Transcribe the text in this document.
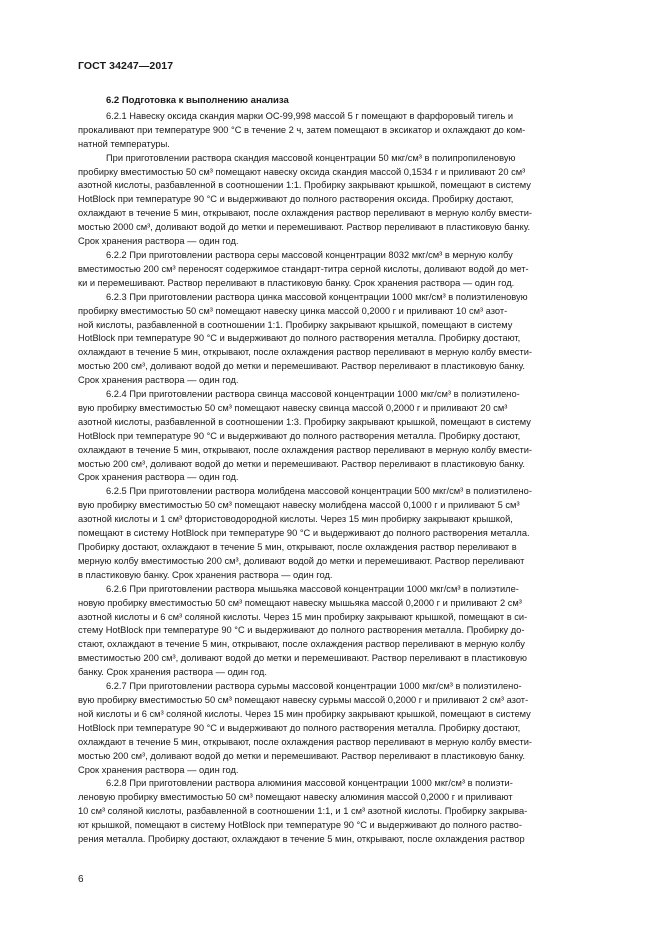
ГОСТ 34247—2017
6.2 Подготовка к выполнению анализа

6.2.1 Навеску оксида скандия марки ОС-99,998 массой 5 г помещают в фарфоровый тигель и
прокаливают при температуре 900 °С в течение 2 ч, затем помещают в эксикатор и охлаждают до ком-
натной температуры.

При приготовлении раствора скандия массовой концентрации 50 мкг/см³ в полипропиленовую
пробирку вместимостью 50 см³ помещают навеску оксида скандия массой 0,1534 г и приливают 20 см³
азотной кислоты, разбавленной в соотношении 1:1. Пробирку закрывают крышкой, помещают в систему
HotBlock при температуре 90 °С и выдерживают до полного растворения оксида. Пробирку достают,
охлаждают в течение 5 мин, открывают, после охлаждения раствор переливают в мерную колбу вмести-
мостью 2000 см³, доливают водой до метки и перемешивают. Раствор переливают в пластиковую банку.
Срок хранения раствора — один год.

6.2.2 При приготовлении раствора серы массовой концентрации 8032 мкг/см³ в мерную колбу
вместимостью 200 см³ переносят содержимое стандарт-титра серной кислоты, доливают водой до мет-
ки и перемешивают. Раствор переливают в пластиковую банку. Срок хранения раствора — один год.

6.2.3 При приготовлении раствора цинка массовой концентрации 1000 мкг/см³ в полиэтиленовую
пробирку вместимостью 50 см³ помещают навеску цинка массой 0,2000 г и приливают 10 см³ азот-
ной кислоты, разбавленной в соотношении 1:1. Пробирку закрывают крышкой, помещают в систему
HotBlock при температуре 90 °С и выдерживают до полного растворения металла. Пробирку достают,
охлаждают в течение 5 мин, открывают, после охлаждения раствор переливают в мерную колбу вмести-
мостью 200 см³, доливают водой до метки и перемешивают. Раствор переливают в пластиковую банку.
Срок хранения раствора — один год.

6.2.4 При приготовлении раствора свинца массовой концентрации 1000 мкг/см³ в полиэтилено-
вую пробирку вместимостью 50 см³ помещают навеску свинца массой 0,2000 г и приливают 20 см³
азотной кислоты, разбавленной в соотношении 1:3. Пробирку закрывают крышкой, помещают в систему
HotBlock при температуре 90 °С и выдерживают до полного растворения металла. Пробирку достают,
охлаждают в течение 5 мин, открывают, после охлаждения раствор переливают в мерную колбу вмести-
мостью 200 см³, доливают водой до метки и перемешивают. Раствор переливают в пластиковую банку.
Срок хранения раствора — один год.

6.2.5 При приготовлении раствора молибдена массовой концентрации 500 мкг/см³ в полиэтилено-
вую пробирку вместимостью 50 см³ помещают навеску молибдена массой 0,1000 г и приливают 5 см³
азотной кислоты и 1 см³ фтористоводородной кислоты. Через 15 мин пробирку закрывают крышкой,
помещают в систему HotBlock при температуре 90 °С и выдерживают до полного растворения металла.
Пробирку достают, охлаждают в течение 5 мин, открывают, после охлаждения раствор переливают в
мерную колбу вместимостью 200 см³, доливают водой до метки и перемешивают. Раствор переливают
в пластиковую банку. Срок хранения раствора — один год.

6.2.6 При приготовлении раствора мышьяка массовой концентрации 1000 мкг/см³ в полиэтиле-
новую пробирку вместимостью 50 см³ помещают навеску мышьяка массой 0,2000 г и приливают 2 см³
азотной кислоты и 6 см³ соляной кислоты. Через 15 мин пробирку закрывают крышкой, помещают в си-
стему HotBlock при температуре 90 °С и выдерживают до полного растворения металла. Пробирку до-
стают, охлаждают в течение 5 мин, открывают, после охлаждения раствор переливают в мерную колбу
вместимостью 200 см³, доливают водой до метки и перемешивают. Раствор переливают в пластиковую
банку. Срок хранения раствора — один год.

6.2.7 При приготовлении раствора сурьмы массовой концентрации 1000 мкг/см³ в полиэтилено-
вую пробирку вместимостью 50 см³ помещают навеску сурьмы массой 0,2000 г и приливают 2 см³ азот-
ной кислоты и 6 см³ соляной кислоты. Через 15 мин пробирку закрывают крышкой, помещают в систему
HotBlock при температуре 90 °С и выдерживают до полного растворения металла. Пробирку достают,
охлаждают в течение 5 мин, открывают, после охлаждения раствор переливают в мерную колбу вмести-
мостью 200 см³, доливают водой до метки и перемешивают. Раствор переливают в пластиковую банку.
Срок хранения раствора — один год.

6.2.8 При приготовлении раствора алюминия массовой концентрации 1000 мкг/см³ в полиэти-
леновую пробирку вместимостью 50 см³ помещают навеску алюминия массой 0,2000 г и приливают
10 см³ соляной кислоты, разбавленной в соотношении 1:1, и 1 см³ азотной кислоты. Пробирку закрыва-
ют крышкой, помещают в систему HotBlock при температуре 90 °С и выдерживают до полного раство-
рения металла. Пробирку достают, охлаждают в течение 5 мин, открывают, после охлаждения раствор

6
